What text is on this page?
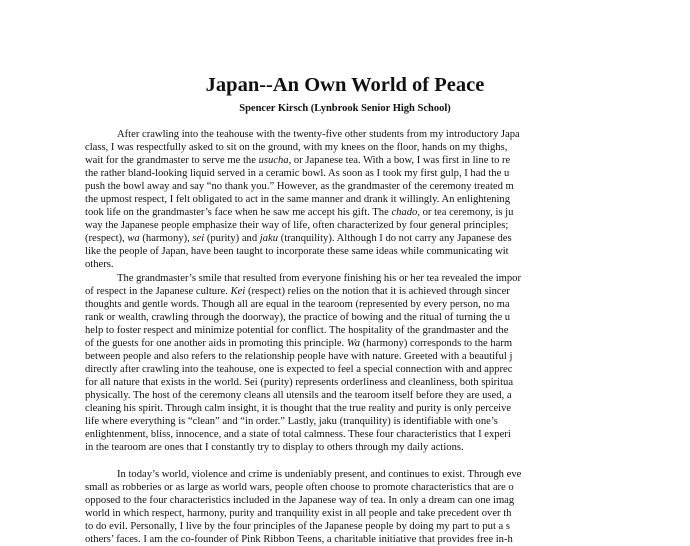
Japan--An Own World of Peace
Spencer Kirsch (Lynbrook Senior High School)
After crawling into the teahouse with the twenty-five other students from my introductory Japa
class, I was respectfully asked to sit on the ground, with my knees on the floor, hands on my thighs,
wait for the grandmaster to serve me the usucha, or Japanese tea. With a bow, I was first in line to re
the rather bland-looking liquid served in a ceramic bowl. As soon as I took my first gulp, I had the u
push the bowl away and say “no thank you.” However, as the grandmaster of the ceremony treated m
the upmost respect, I felt obligated to act in the same manner and drank it willingly. An enlightening
took life on the grandmaster’s face when he saw me accept his gift. The chado, or tea ceremony, is ju
way the Japanese people emphasize their way of life, often characterized by four general principles;
(respect), wa (harmony), sei (purity) and jaku (tranquility). Although I do not carry any Japanese des
like the people of Japan, have been taught to incorporate these same ideas while communicating wit
others.
The grandmaster’s smile that resulted from everyone finishing his or her tea revealed the impor
of respect in the Japanese culture. Kei (respect) relies on the notion that it is achieved through sincer
thoughts and gentle words. Though all are equal in the tearoom (represented by every person, no ma
rank or wealth, crawling through the doorway), the practice of bowing and the ritual of turning the u
help to foster respect and minimize potential for conflict. The hospitality of the grandmaster and the
of the guests for one another aids in promoting this principle. Wa (harmony) corresponds to the harm
between people and also refers to the relationship people have with nature. Greeted with a beautiful j
directly after crawling into the teahouse, one is expected to feel a special connection with and apprec
for all nature that exists in the world. Sei (purity) represents orderliness and cleanliness, both spiritua
physically. The host of the ceremony cleans all utensils and the tearoom itself before they are used, a
cleaning his spirit. Through calm insight, it is thought that the true reality and purity is only perceive
life where everything is “clean” and “in order.” Lastly, jaku (tranquility) is identifiable with one’s
enlightenment, bliss, innocence, and a state of total calmness. These four characteristics that I experi
in the tearoom are ones that I constantly try to display to others through my daily actions.
In today’s world, violence and crime is undeniably present, and continues to exist. Through eve
small as robberies or as large as world wars, people often choose to promote characteristics that are o
opposed to the four characteristics included in the Japanese way of tea. In only a dream can one imag
world in which respect, harmony, purity and tranquility exist in all people and take precedent over th
to do evil. Personally, I live by the four principles of the Japanese people by doing my part to put a s
others’ faces. I am the co-founder of Pink Ribbon Teens, a charitable initiative that provides free in-h
